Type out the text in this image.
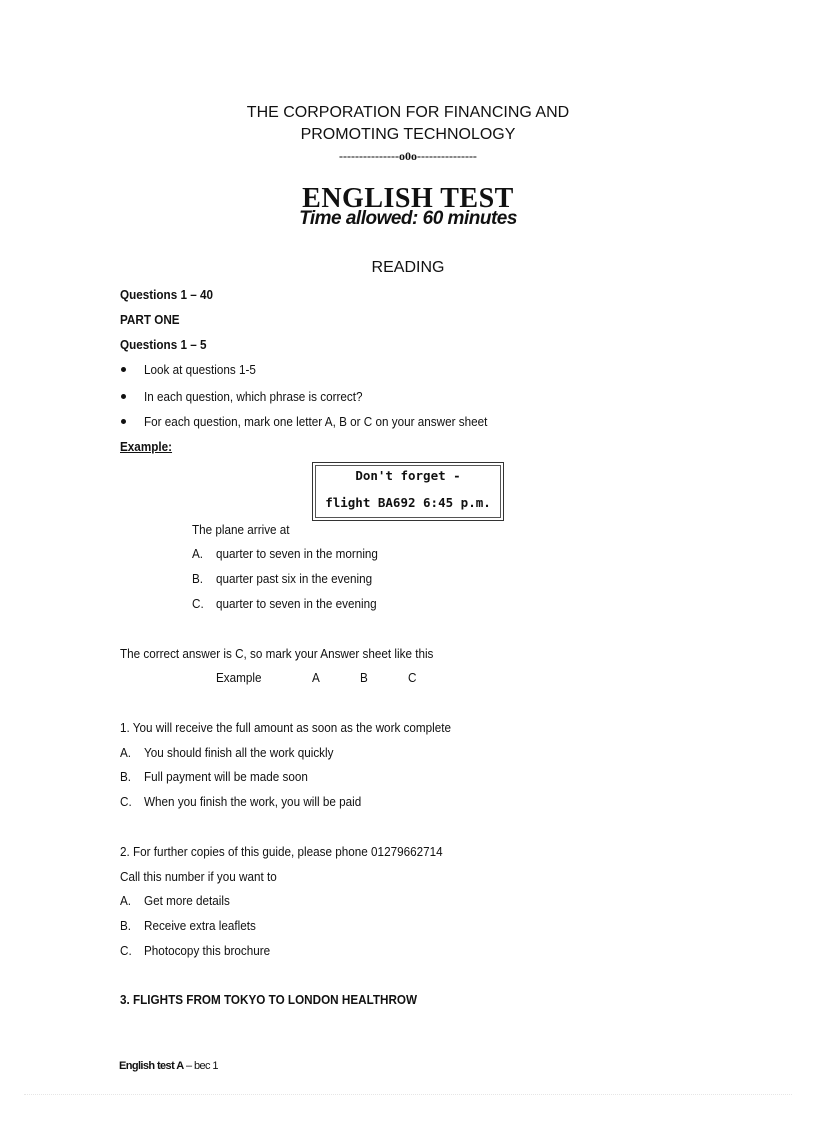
THE CORPORATION FOR FINANCING AND
PROMOTING TECHNOLOGY
---------------o0o---------------
ENGLISH TEST
Time allowed: 60 minutes
READING
Questions 1 – 40
PART ONE
Questions 1 – 5
Look at questions 1-5
In each question, which phrase is correct?
For each question, mark one letter A, B or C on your answer sheet
Example:
Don't forget -
flight BA692 6:45 p.m.
The plane arrive at
A. quarter to seven in the morning
B. quarter past six in the evening
C. quarter to seven in the evening
The correct answer is C, so mark your Answer sheet like this
Example	A	B	C
1. You will receive the full amount as soon as the work complete
A. You should finish all the work quickly
B. Full payment will be made soon
C. When you finish the work, you will be paid
2. For further copies of this guide, please phone 01279662714
Call this number if you want to
A. Get more details
B. Receive extra leaflets
C. Photocopy this brochure
3. FLIGHTS FROM TOKYO TO LONDON HEALTHROW
English test A – bec 1
